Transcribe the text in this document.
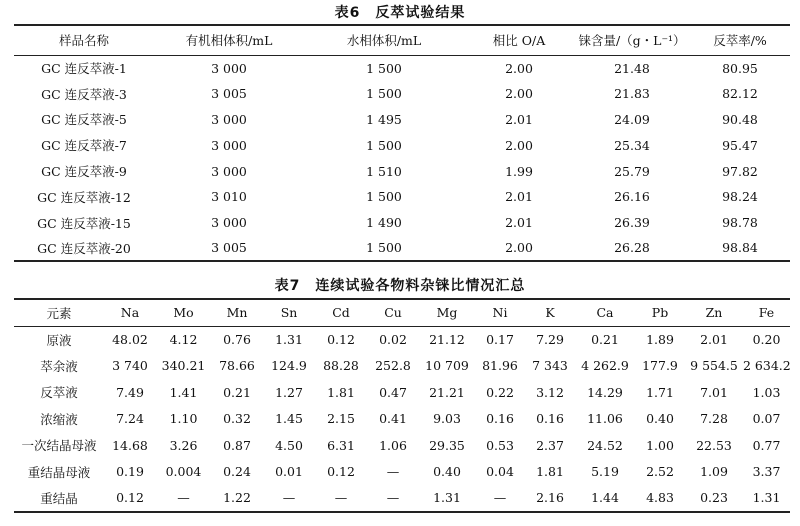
表6　反萃试验结果
样品名称	有机相体积/mL	水相体积/mL	相比 O/A	铼含量/（g・L⁻¹）	反萃率/%
GC 连反萃液-1	3 000	1 500	2.00	21.48	80.95
GC 连反萃液-3	3 005	1 500	2.00	21.83	82.12
GC 连反萃液-5	3 000	1 495	2.01	24.09	90.48
GC 连反萃液-7	3 000	1 500	2.00	25.34	95.47
GC 连反萃液-9	3 000	1 510	1.99	25.79	97.82
GC 连反萃液-12	3 010	1 500	2.01	26.16	98.24
GC 连反萃液-15	3 000	1 490	2.01	26.39	98.78
GC 连反萃液-20	3 005	1 500	2.00	26.28	98.84
表7　连续试验各物料杂铼比情况汇总
元素	Na	Mo	Mn	Sn	Cd	Cu	Mg	Ni	K	Ca	Pb	Zn	Fe
原液	48.02	4.12	0.76	1.31	0.12	0.02	21.12	0.17	7.29	0.21	1.89	2.01	0.20
萃余液	3 740	340.21	78.66	124.9	88.28	252.8	10 709	81.96	7 343	4 262.9	177.9	9 554.5	2 634.2
反萃液	7.49	1.41	0.21	1.27	1.81	0.47	21.21	0.22	3.12	14.29	1.71	7.01	1.03
浓缩液	7.24	1.10	0.32	1.45	2.15	0.41	9.03	0.16	0.16	11.06	0.40	7.28	0.07
一次结晶母液	14.68	3.26	0.87	4.50	6.31	1.06	29.35	0.53	2.37	24.52	1.00	22.53	0.77
重结晶母液	0.19	0.004	0.24	0.01	0.12	—	0.40	0.04	1.81	5.19	2.52	1.09	3.37
重结晶	0.12	—	1.22	—	—	—	1.31	—	2.16	1.44	4.83	0.23	1.31
